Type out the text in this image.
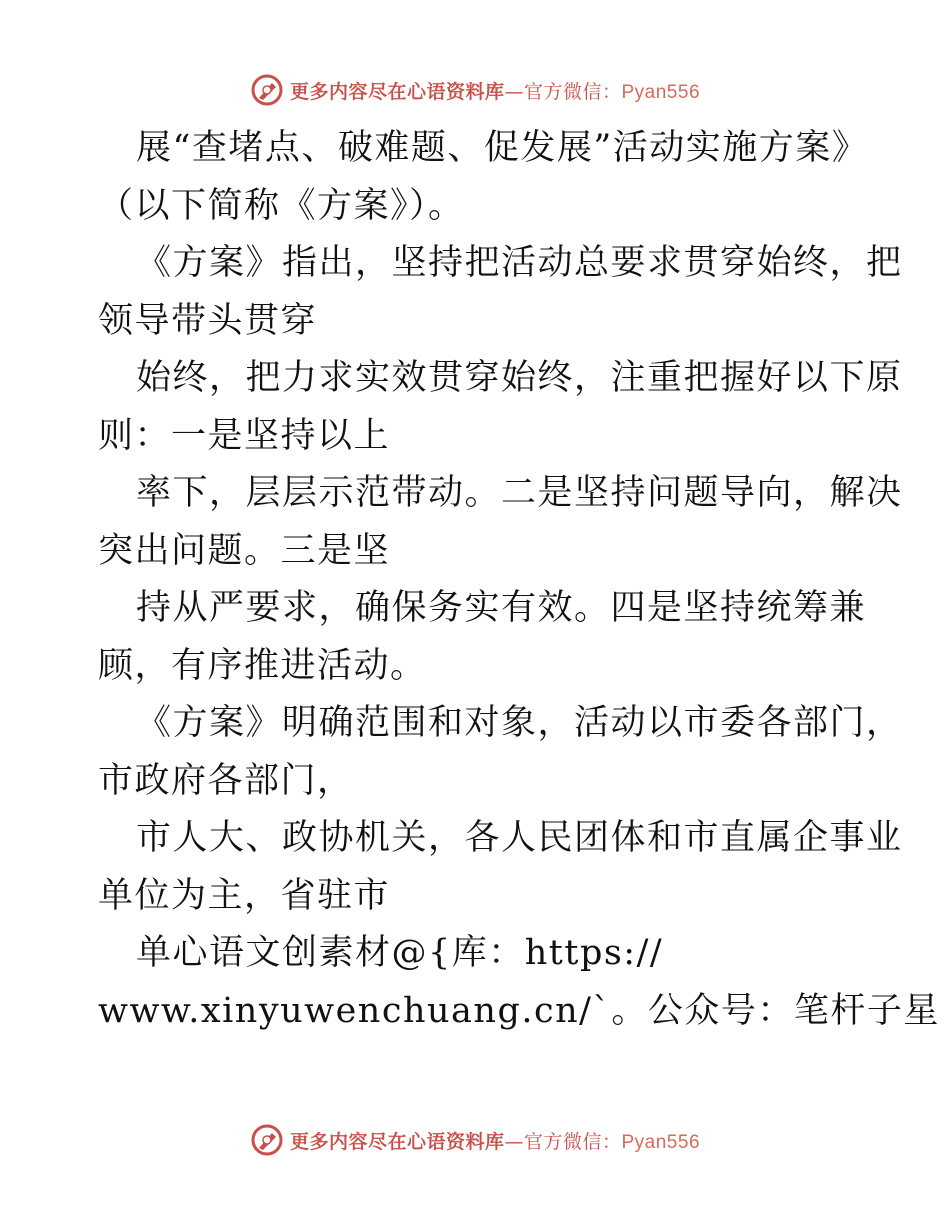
更多内容尽在心语资料库—官方微信：Pyan556
展“查堵点、破难题、促发展”活动实施方案》
（以下简称《方案》）。
《方案》指出，坚持把活动总要求贯穿始终，把
领导带头贯穿
始终，把力求实效贯穿始终，注重把握好以下原
则：一是坚持以上
率下，层层示范带动。二是坚持问题导向，解决
突出问题。三是坚
持从严要求，确保务实有效。四是坚持统筹兼
顾，有序推进活动。
《方案》明确范围和对象，活动以市委各部门，
市政府各部门，
市人大、政协机关，各人民团体和市直属企事业
单位为主，省驻市
单心语文创素材@{库：https://
www.xinyuwenchuang.cn/`。公众号：笔杆子星
更多内容尽在心语资料库—官方微信：Pyan556
